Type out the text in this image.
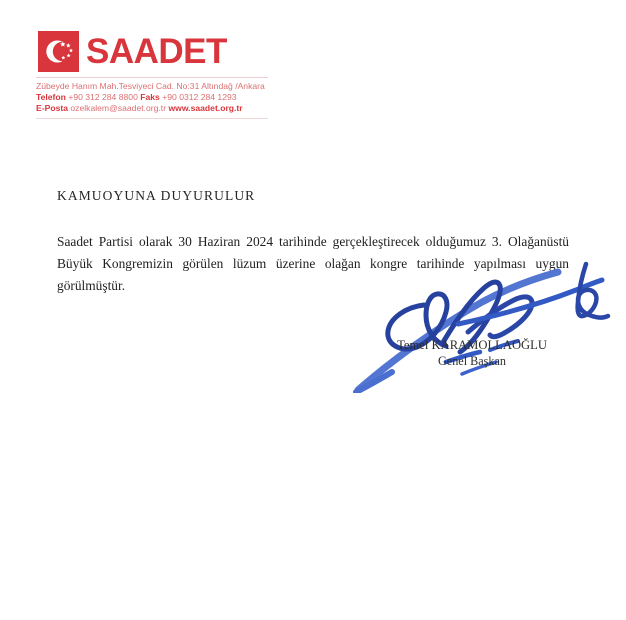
SAADET
Zübeyde Hanım Mah.Tesviyeci Cad. No:31 Altındağ /Ankara
Telefon +90 312 284 8800 Faks +90 0312 284 1293
E-Posta ozelkalem@saadet.org.tr www.saadet.org.tr
KAMUOYUNA DUYURULUR
Saadet Partisi olarak 30 Haziran 2024 tarihinde gerçekleştirecek olduğumuz 3. Olağanüstü Büyük Kongremizin görülen lüzum üzerine olağan kongre tarihinde yapılması uygun görülmüştür.
Temel KARAMOLLAOĞLU
Genel Başkan
